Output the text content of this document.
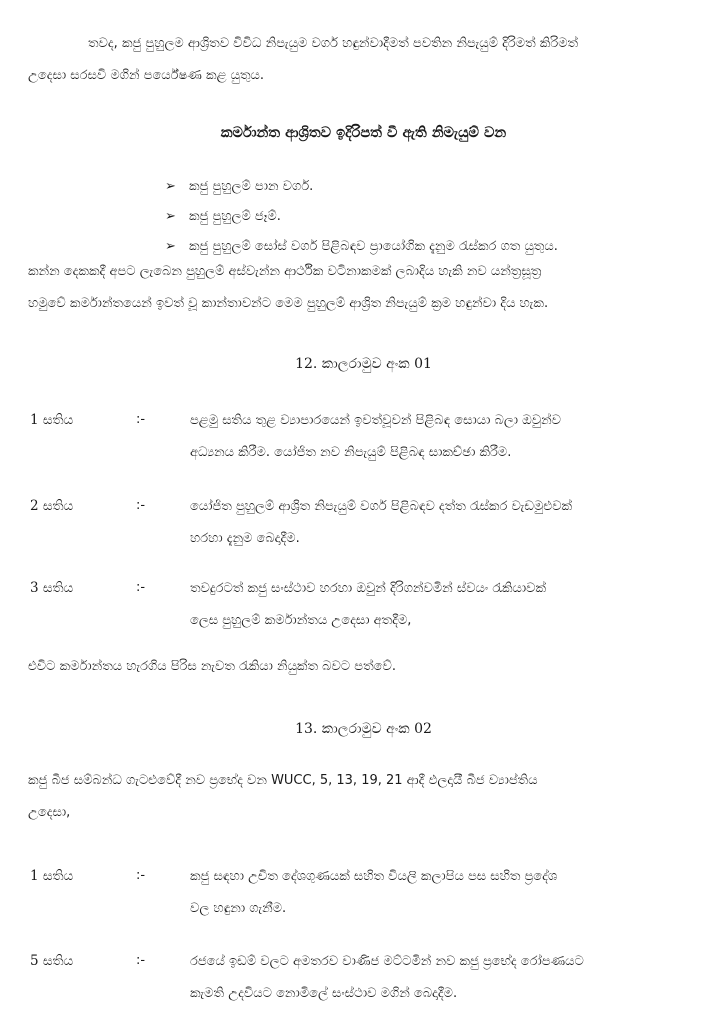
තවද, කජු පුහුලම ආශ්‍රිතව විවිධ නිපැයුම වර්ග හඳුන්වාදීමත් පවතින නිපැයුම් දිරිමත් කිරිමත්
උදෙසා සරසවි මගින් පර්යේෂණ කළ යුතුය.
කර්මාන්ත ආශ්‍රිතව ඉදිරිපත් වී ඇති නිමැයුම් වන
➢ කජු පුහුලම් පාන වර්ග.
➢ කජු පුහුලම් ජෑම්.
➢ කජු පුහුලම් සෝස් වර්ග පිළිබඳව ප්‍රායෝගික දැනුම රැස්කර ගත යුතුය.
කන්න දෙකකදී අපට ලැබෙන පුහුලම් අස්වැන්න ආර්ථික වටිනාකමක් ලබාදිය හැකි නව යන්ත්‍රසූත්‍ර
හමුවේ කර්මාන්තයෙන් ඉවත් වූ කාන්තාවන්ට මෙම පුහුලම් ආශ්‍රිත නිපැයුම් ක්‍රම හඳුන්වා දිය හැක.
12. කාලරාමුව අංක 01
1 සතිය	:-	පළමු සතිය තුළ ව්‍යාපාරයෙන් ඉවත්වූවන් පිළිබඳ සොයා බලා ඔවුන්ව
අධ්‍යනය කිරීම. යෝජිත නව නිපැයුම් පිළිබඳ සාකච්ඡා කිරීම.
2 සතිය	:-	යෝජිත පුහුලම් ආශ්‍රිත නිපැයුම් වර්ග පිළිබඳව දත්ත රැස්කර වැඩමුළුවක්
හරහා දැනුම බෙදාදීම.
3 සතිය	:-	තවදුරටත් කජු සංස්ථාව හරහා ඔවුන් දිරිගන්වමින් ස්වයං රැකියාවක්
ලෙස පුහුලම් කර්මාන්තය උදෙසා අතදීම,
එවිට කර්මාන්තය හැරගිය පිරිස නැවත රැකියා නියුක්ත බවට පත්වේ.
13. කාලරාමුව අංක 02
කජු බීජ සම්බන්ධ ගැටළුවේදී නව ප්‍රභේද වන WUCC, 5, 13, 19, 21 ආදී ඵලදායී බීජ ව්‍යාප්තිය
උදෙසා,
1 සතිය	:-	කජු සඳහා උචිත දේශගුණයක් සහිත වියලි කලාපිය පස සහිත ප්‍රදේශ
වල හඳුනා ගැනීම.
5 සතිය	:-	රජයේ ඉඩම් වලට අමතරව වාණිජ මට්ටමින් නව කජු ප්‍රභේද රෝපණයට
කැමති උදවියට නොමිලේ සංස්ථාව මගින් බෙදාදීම.
